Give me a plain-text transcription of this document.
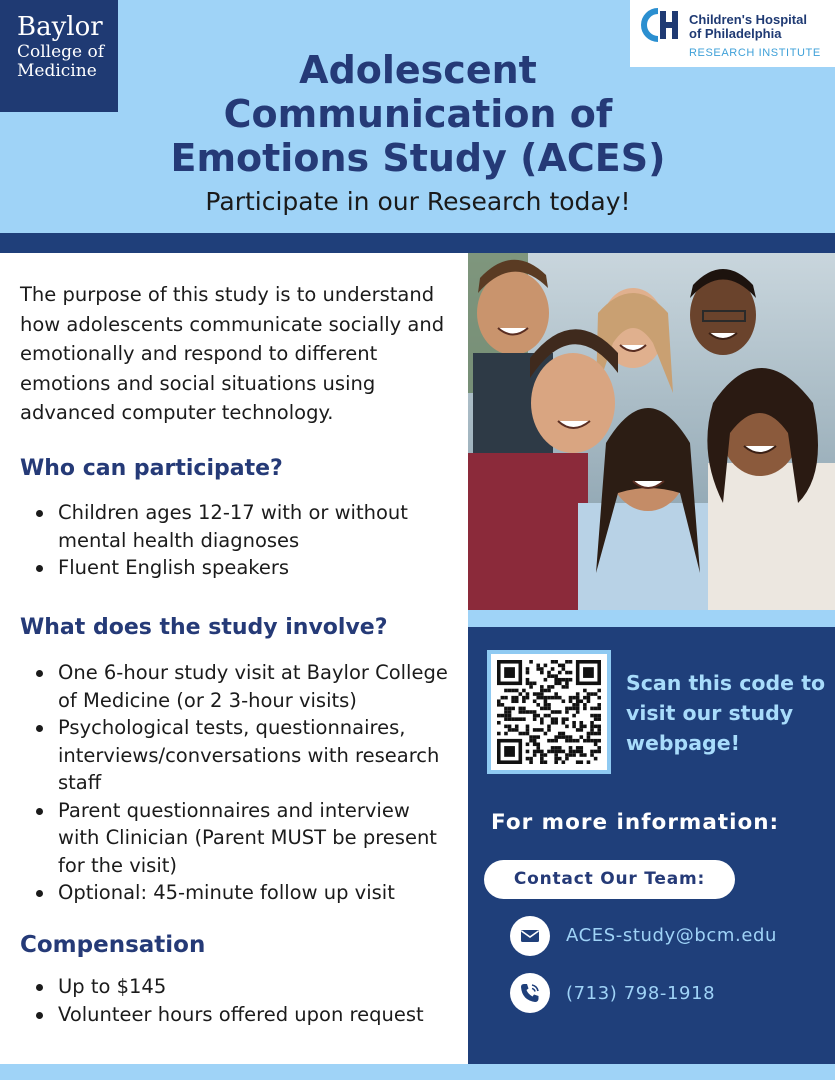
Baylor
College of
Medicine
Children's Hospital
of Philadelphia
RESEARCH INSTITUTE
Adolescent
Communication of
Emotions Study (ACES)
Participate in our Research today!

The purpose of this study is to understand how adolescents communicate socially and emotionally and respond to different emotions and social situations using advanced computer technology.

Who can participate?
Children ages 12-17 with or without mental health diagnoses
Fluent English speakers
What does the study involve?
One 6-hour study visit at Baylor College of Medicine (or 2 3-hour visits)
Psychological tests, questionnaires, interviews/conversations with research staff
Parent questionnaires and interview with Clinician (Parent MUST be present for the visit)
Optional: 45-minute follow up visit
Compensation
Up to $145
Volunteer hours offered upon request
Scan this code to visit our study webpage!
For more information:
Contact Our Team:
ACES-study@bcm.edu
(713) 798-1918
